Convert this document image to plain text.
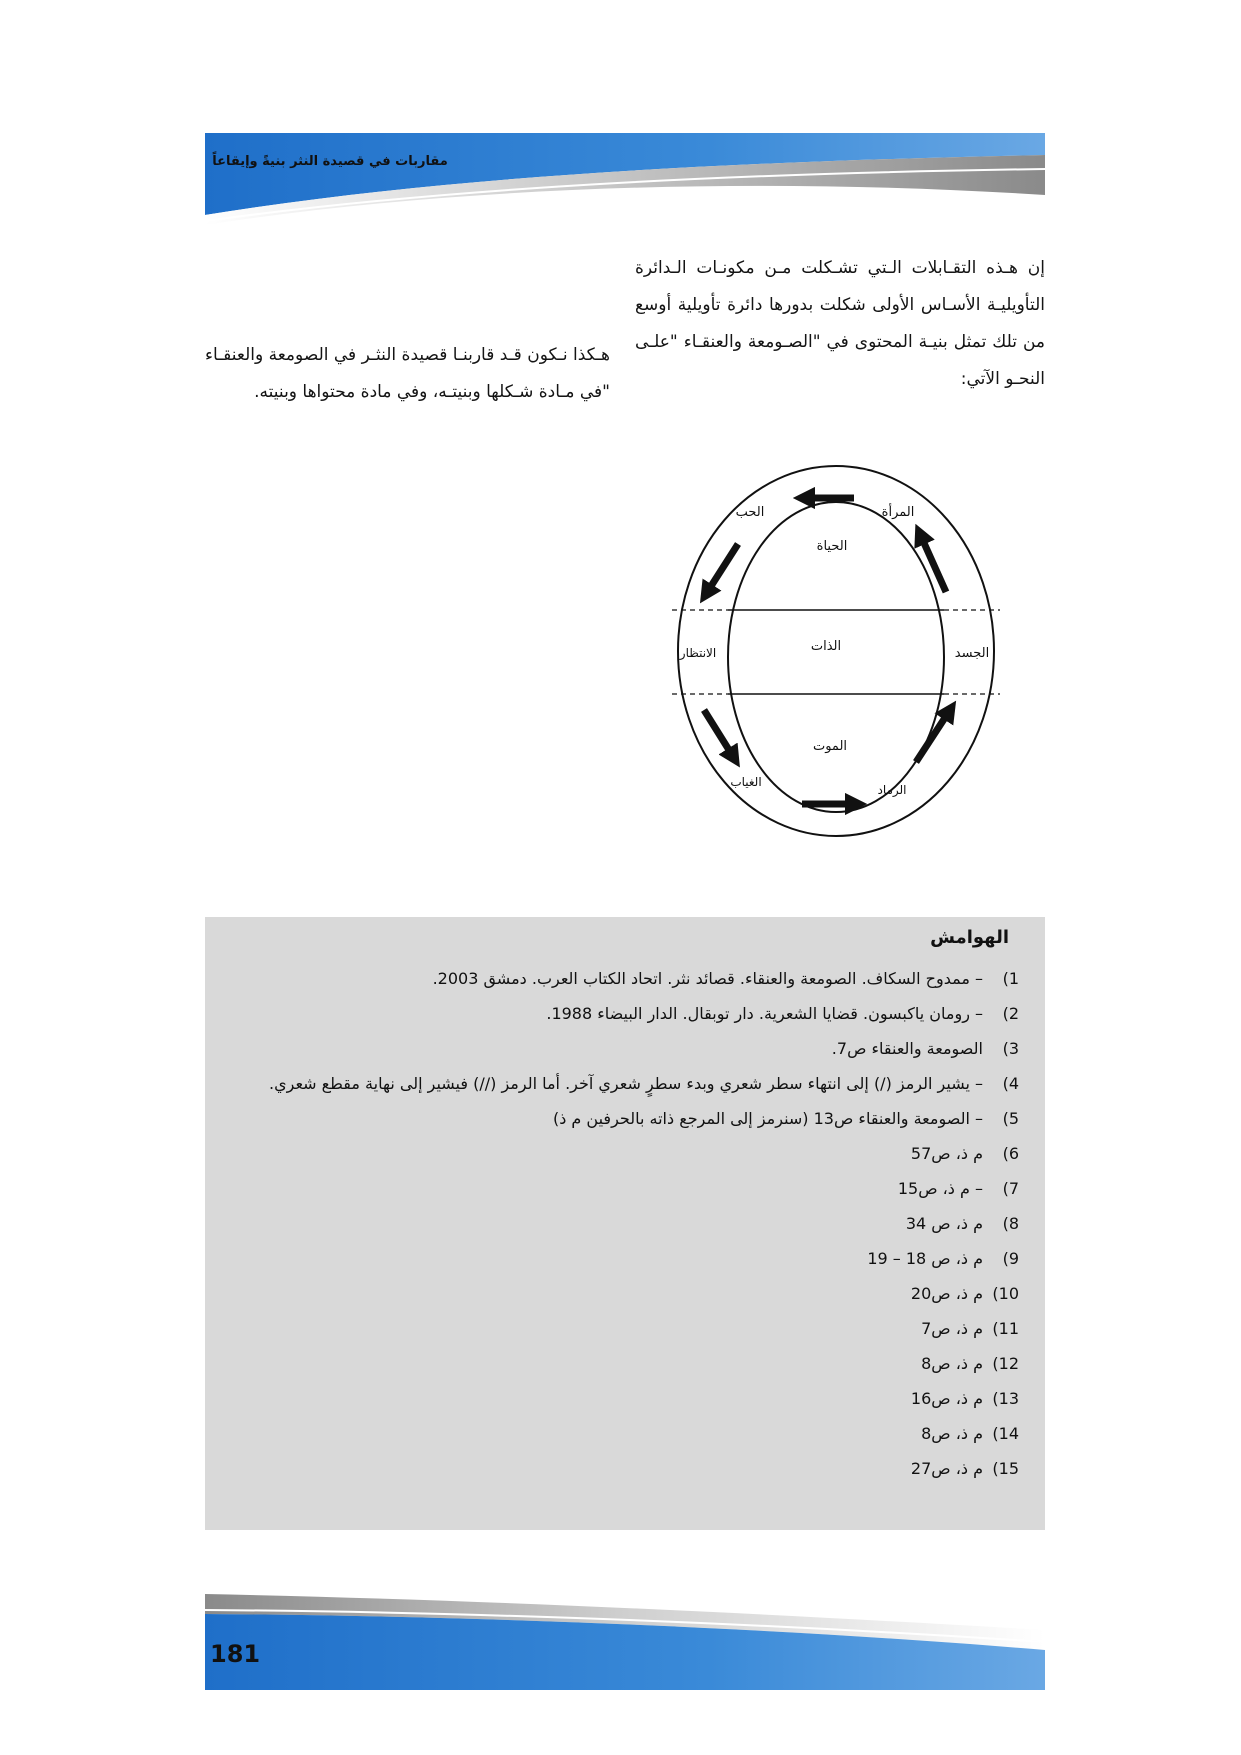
مقاربات في قصيدة النثر بنيةً وإيقاعاً

إن هـذه التقـابلات الـتي تشـكلت مـن مكونـات الـدائرة التأويليـة الأسـاس الأولى شكلت بدورها دائرة تأويلية أوسع من تلك تمثل بنيـة المحتوى في "الصـومعة والعنقـاء "علـى النحـو الآتي:

هـكذا نـكون قـد قاربنـا قصيدة النثـر في الصومعة والعنقـاء "في مـادة شـكلها وبنيتـه، وفي مادة محتواها وبنيته.

الحب	المرأة
الحياة
الذات
الانتظار	الجسد
الموت
الغياب
الرماد
الهوامش
1)
– ممدوح السكاف. الصومعة والعنقاء. قصائد نثر. اتحاد الكتاب العرب. دمشق 2003.
2)
– رومان ياكبسون. قضايا الشعرية. دار توبقال. الدار البيضاء 1988.
3)
الصومعة والعنقاء ص7.
4)
– يشير الرمز (/) إلى انتهاء سطر شعري وبدء سطرٍ شعري آخر. أما الرمز (//) فيشير إلى نهاية مقطع شعري.
5)
– الصومعة والعنقاء ص13 (سنرمز إلى المرجع ذاته بالحرفين م ذ)
6)
م ذ، ص57
7)
– م ذ، ص15
8)
م ذ، ص 34
9)
م ذ، ص 18 – 19
10)
م ذ، ص20
11)
م ذ، ص7
12)
م ذ، ص8
13)
م ذ، ص16
14)
م ذ، ص8
15)
م ذ، ص27
181
